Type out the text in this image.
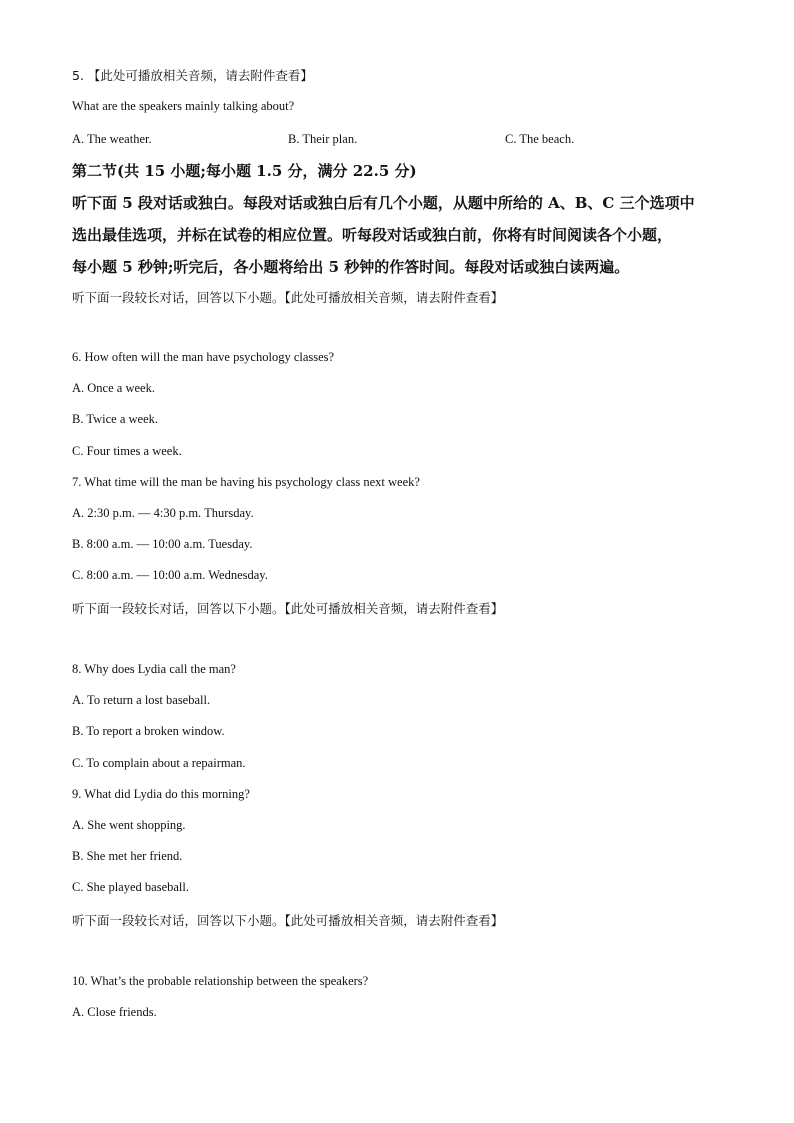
5. 【此处可播放相关音频，请去附件查看】
What are the speakers mainly talking about?
A. The weather.	B. Their plan.	C. The beach.
第二节(共 15 小题;每小题 1.5 分，满分 22.5 分)
听下面 5 段对话或独白。每段对话或独白后有几个小题，从题中所给的 A、B、C 三个选项中
选出最佳选项，并标在试卷的相应位置。听每段对话或独白前，你将有时间阅读各个小题，
每小题 5 秒钟;听完后，各小题将给出 5 秒钟的作答时间。每段对话或独白读两遍。
听下面一段较长对话，回答以下小题。【此处可播放相关音频，请去附件查看】
6. How often will the man have psychology classes?
A. Once a week.
B. Twice a week.
C. Four times a week.
7. What time will the man be having his psychology class next week?
A. 2:30 p.m. — 4:30 p.m. Thursday.
B. 8:00 a.m. — 10:00 a.m. Tuesday.
C. 8:00 a.m. — 10:00 a.m. Wednesday.
听下面一段较长对话，回答以下小题。【此处可播放相关音频，请去附件查看】
8. Why does Lydia call the man?
A. To return a lost baseball.
B. To report a broken window.
C. To complain about a repairman.
9. What did Lydia do this morning?
A. She went shopping.
B. She met her friend.
C. She played baseball.
听下面一段较长对话，回答以下小题。【此处可播放相关音频，请去附件查看】
10. What’s the probable relationship between the speakers?
A. Close friends.
